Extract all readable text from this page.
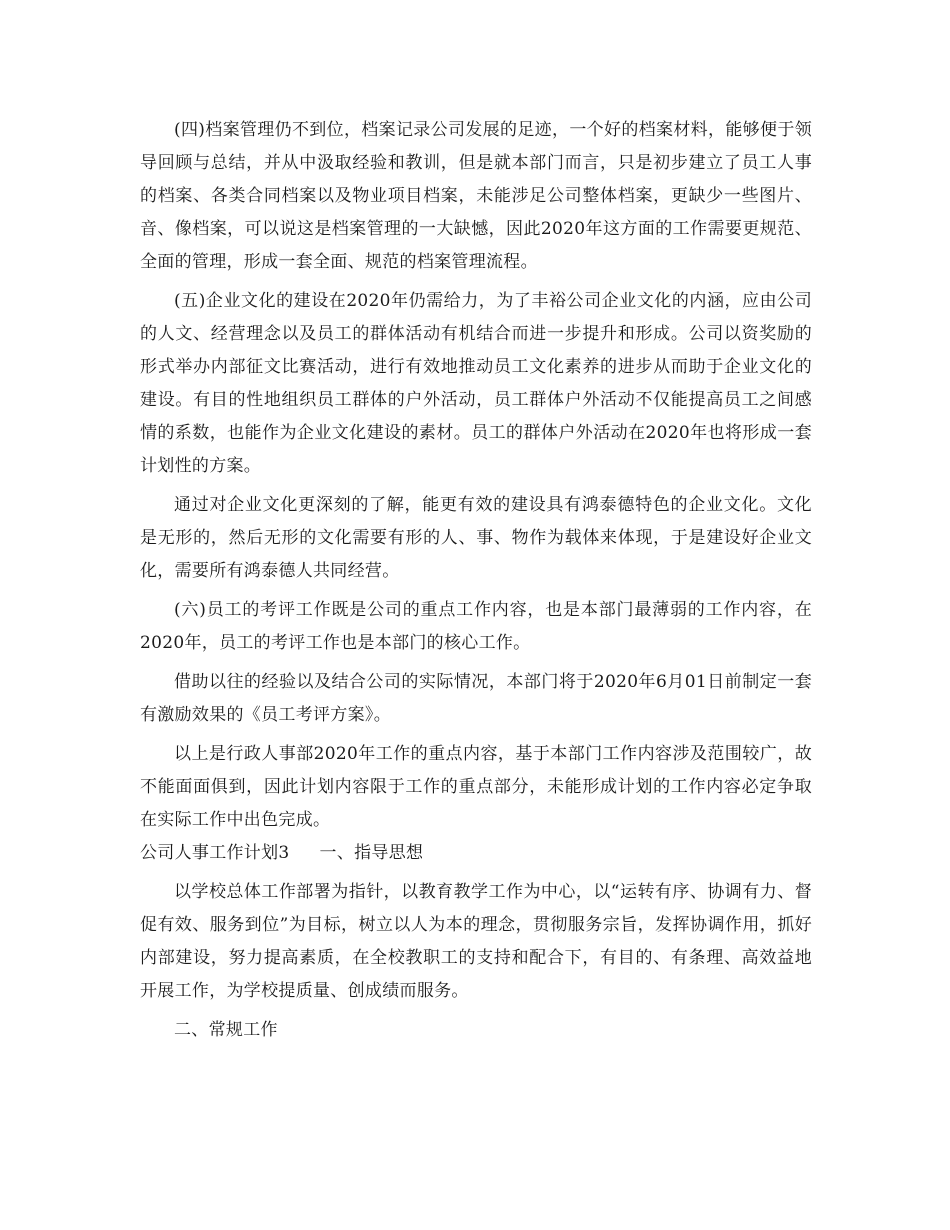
(四)档案管理仍不到位，档案记录公司发展的足迹，一个好的档案材料，能够便于领导回顾与总结，并从中汲取经验和教训，但是就本部门而言，只是初步建立了员工人事的档案、各类合同档案以及物业项目档案，未能涉足公司整体档案，更缺少一些图片、音、像档案，可以说这是档案管理的一大缺憾，因此2020年这方面的工作需要更规范、全面的管理，形成一套全面、规范的档案管理流程。

(五)企业文化的建设在2020年仍需给力，为了丰裕公司企业文化的内涵，应由公司的人文、经营理念以及员工的群体活动有机结合而进一步提升和形成。公司以资奖励的形式举办内部征文比赛活动，进行有效地推动员工文化素养的进步从而助于企业文化的建设。有目的性地组织员工群体的户外活动，员工群体户外活动不仅能提高员工之间感情的系数，也能作为企业文化建设的素材。员工的群体户外活动在2020年也将形成一套计划性的方案。

通过对企业文化更深刻的了解，能更有效的建设具有鸿泰德特色的企业文化。文化是无形的，然后无形的文化需要有形的人、事、物作为载体来体现，于是建设好企业文化，需要所有鸿泰德人共同经营。

(六)员工的考评工作既是公司的重点工作内容，也是本部门最薄弱的工作内容，在2020年，员工的考评工作也是本部门的核心工作。

借助以往的经验以及结合公司的实际情况，本部门将于2020年6月01日前制定一套有激励效果的《员工考评方案》。

以上是行政人事部2020年工作的重点内容，基于本部门工作内容涉及范围较广，故不能面面俱到，因此计划内容限于工作的重点部分，未能形成计划的工作内容必定争取在实际工作中出色完成。

公司人事工作计划3 一、指导思想

以学校总体工作部署为指针，以教育教学工作为中心，以“运转有序、协调有力、督促有效、服务到位”为目标，树立以人为本的理念，贯彻服务宗旨，发挥协调作用，抓好内部建设，努力提高素质，在全校教职工的支持和配合下，有目的、有条理、高效益地开展工作，为学校提质量、创成绩而服务。

二、常规工作
